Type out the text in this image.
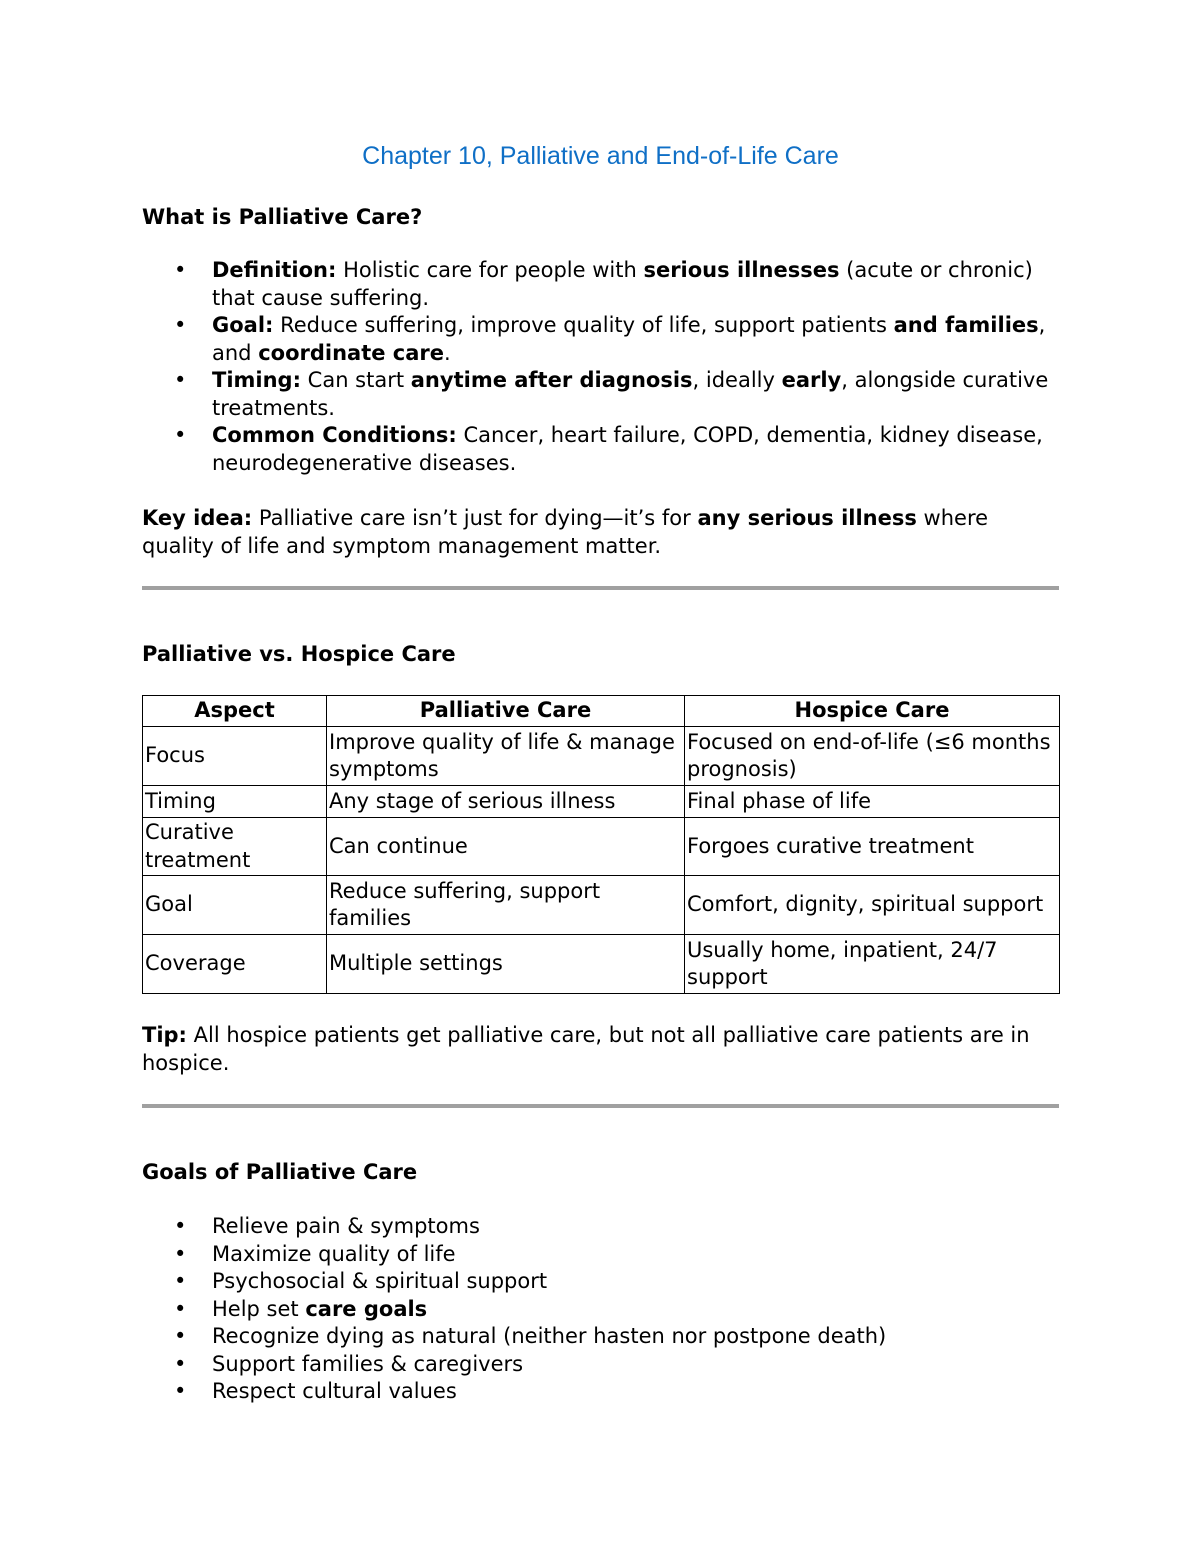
Chapter 10, Palliative and End-of-Life Care
What is Palliative Care?
• Definition: Holistic care for people with serious illnesses (acute or chronic) that cause suffering.
• Goal: Reduce suffering, improve quality of life, support patients and families, and coordinate care.
• Timing: Can start anytime after diagnosis, ideally early, alongside curative treatments.
• Common Conditions: Cancer, heart failure, COPD, dementia, kidney disease, neurodegenerative diseases.

Key idea: Palliative care isn’t just for dying—it’s for any serious illness where quality of life and symptom management matter.

Palliative vs. Hospice Care
Aspect	Palliative Care	Hospice Care
Focus	Improve quality of life & manage symptoms	Focused on end-of-life (≤6 months prognosis)
Timing	Any stage of serious illness	Final phase of life
Curative treatment	Can continue	Forgoes curative treatment
Goal	Reduce suffering, support families	Comfort, dignity, spiritual support
Coverage	Multiple settings	Usually home, inpatient, 24/7 support

Tip: All hospice patients get palliative care, but not all palliative care patients are in hospice.

Goals of Palliative Care
• Relieve pain & symptoms
• Maximize quality of life
• Psychosocial & spiritual support
• Help set care goals
• Recognize dying as natural (neither hasten nor postpone death)
• Support families & caregivers
• Respect cultural values
